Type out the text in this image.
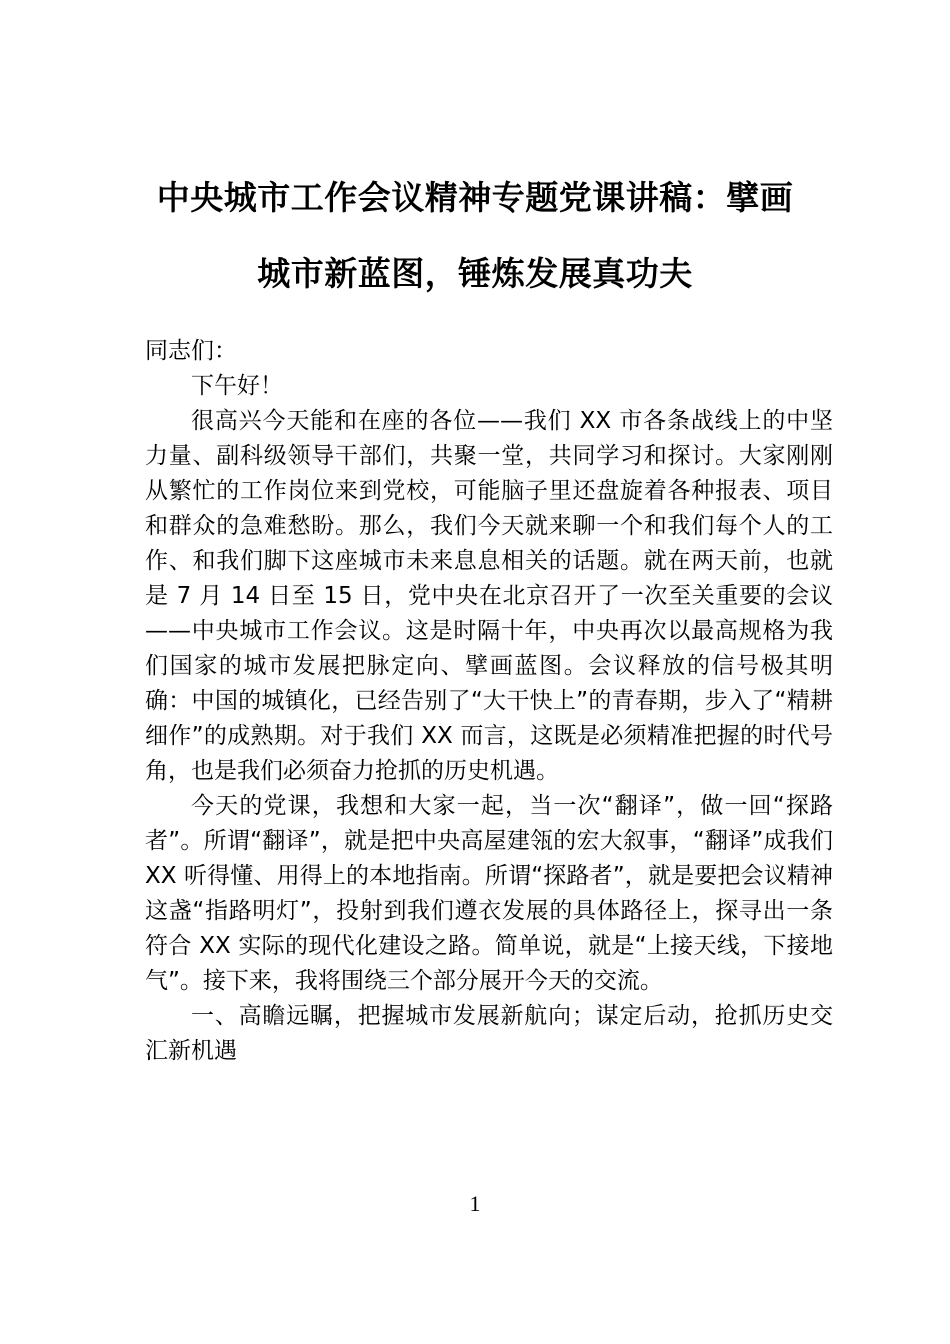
中央城市工作会议精神专题党课讲稿：擘画城市新蓝图，锤炼发展真功夫

同志们：

下午好！

很高兴今天能和在座的各位——我们 XX 市各条战线上的中坚力量、副科级领导干部们，共聚一堂，共同学习和探讨。大家刚刚从繁忙的工作岗位来到党校，可能脑子里还盘旋着各种报表、项目和群众的急难愁盼。那么，我们今天就来聊一个和我们每个人的工作、和我们脚下这座城市未来息息相关的话题。就在两天前，也就是 7 月 14 日至 15 日，党中央在北京召开了一次至关重要的会议——中央城市工作会议。这是时隔十年，中央再次以最高规格为我们国家的城市发展把脉定向、擘画蓝图。会议释放的信号极其明确：中国的城镇化，已经告别了“大干快上”的青春期，步入了“精耕细作”的成熟期。对于我们 XX 而言，这既是必须精准把握的时代号角，也是我们必须奋力抢抓的历史机遇。

今天的党课，我想和大家一起，当一次“翻译”，做一回“探路者”。所谓“翻译”，就是把中央高屋建瓴的宏大叙事，“翻译”成我们 XX 听得懂、用得上的本地指南。所谓“探路者”，就是要把会议精神这盏“指路明灯”，投射到我们遵衣发展的具体路径上，探寻出一条符合 XX 实际的现代化建设之路。简单说，就是“上接天线，下接地气”。接下来，我将围绕三个部分展开今天的交流。

一、高瞻远瞩，把握城市发展新航向；谋定后动，抢抓历史交汇新机遇

1
